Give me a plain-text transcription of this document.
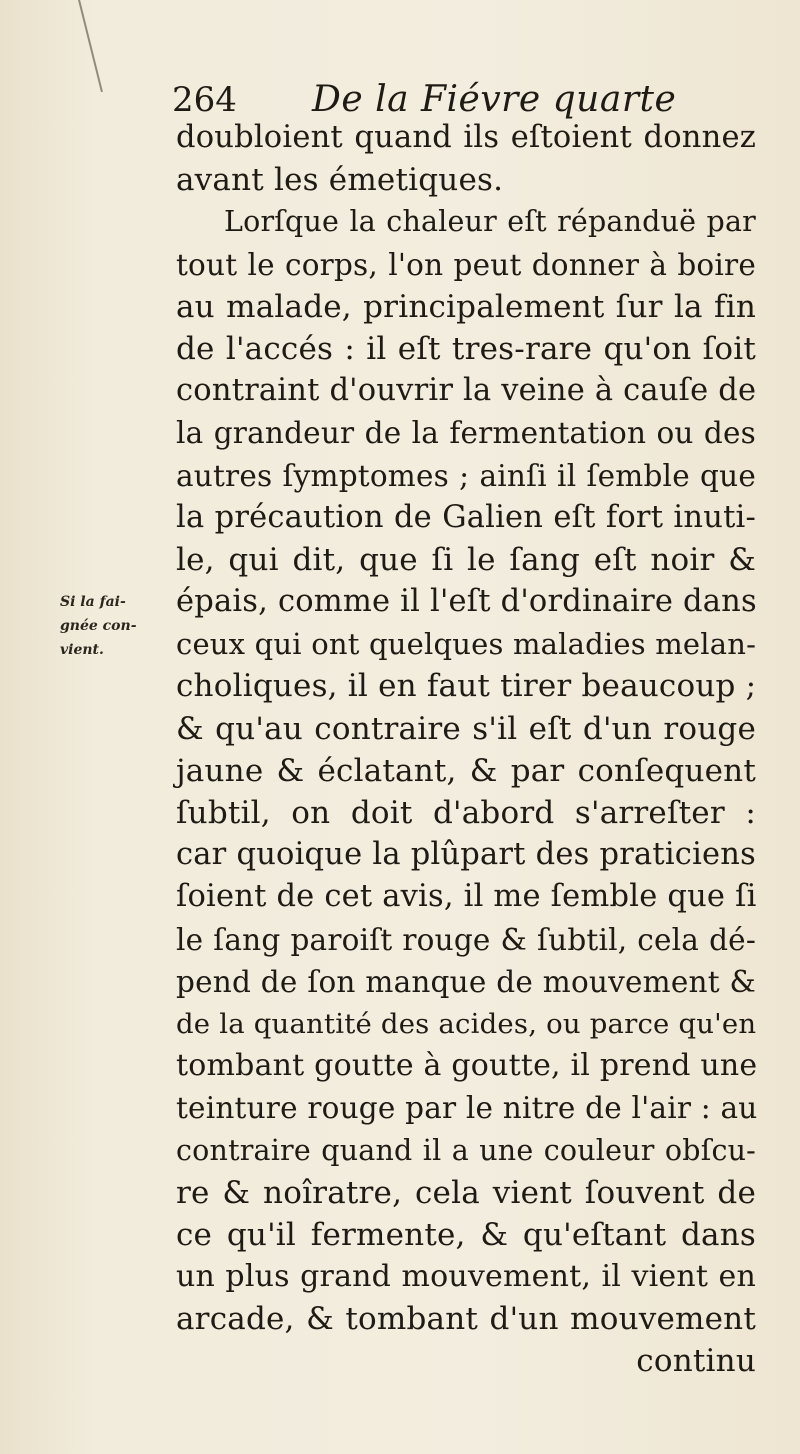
264 De la Fiévre quarte
Si la fai-
gnée con-
vient.
doubloient quand ils eſtoient donnez
avant les émetiques.
Lorſque la chaleur eſt répanduë par
tout le corps, l'on peut donner à boire
au malade, principalement ſur la fin
de l'accés : il eſt tres-rare qu'on ſoit
contraint d'ouvrir la veine à cauſe de
la grandeur de la fermentation ou des
autres ſymptomes ; ainſi il ſemble que
la précaution de Galien eſt fort inuti-
le, qui dit, que ſi le ſang eſt noir &
épais, comme il l'eſt d'ordinaire dans
ceux qui ont quelques maladies melan-
choliques, il en faut tirer beaucoup ;
& qu'au contraire s'il eſt d'un rouge
jaune & éclatant, & par conſequent
ſubtil, on doit d'abord s'arreſter :
car quoique la plûpart des praticiens
ſoient de cet avis, il me ſemble que ſi
le ſang paroiſt rouge & ſubtil, cela dé-
pend de ſon manque de mouvement &
de la quantité des acides, ou parce qu'en
tombant goutte à goutte, il prend une
teinture rouge par le nitre de l'air : au
contraire quand il a une couleur obſcu-
re & noîratre, cela vient ſouvent de
ce qu'il fermente, & qu'eſtant dans
un plus grand mouvement, il vient en
arcade, & tombant d'un mouvement
continu
